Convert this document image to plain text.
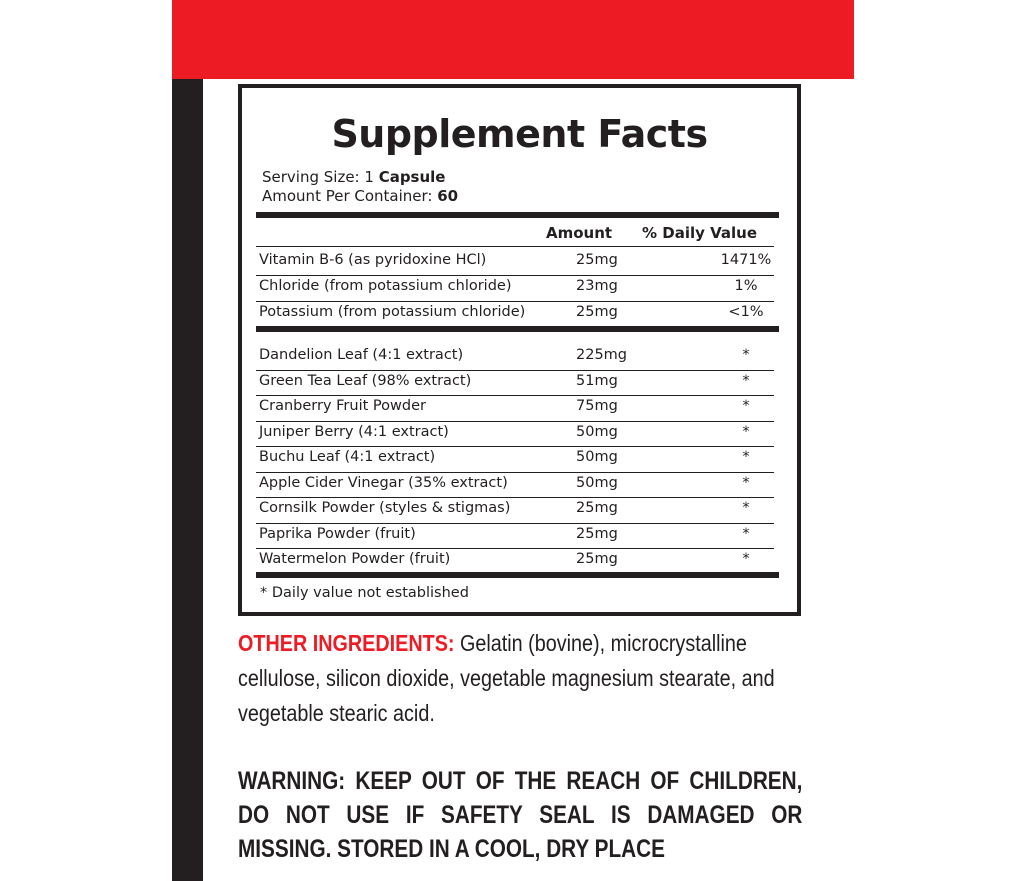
Supplement Facts
Serving Size: 1 Capsule
Amount Per Container: 60
Amount % Daily Value
Vitamin B-6 (as pyridoxine HCl)	25mg	1471%
Chloride (from potassium chloride)	23mg	1%
Potassium (from potassium chloride)	25mg	<1%
Dandelion Leaf (4:1 extract)	225mg	*
Green Tea Leaf (98% extract)	51mg	*
Cranberry Fruit Powder	75mg	*
Juniper Berry (4:1 extract)	50mg	*
Buchu Leaf (4:1 extract)	50mg	*
Apple Cider Vinegar (35% extract)	50mg	*
Cornsilk Powder (styles & stigmas)	25mg	*
Paprika Powder (fruit)	25mg	*
Watermelon Powder (fruit)	25mg	*
* Daily value not established
OTHER INGREDIENTS: Gelatin (bovine), microcrystalline cellulose, silicon dioxide, vegetable magnesium stearate, and vegetable stearic acid.
WARNING: KEEP OUT OF THE REACH OF CHILDREN, DO NOT USE IF SAFETY SEAL IS DAMAGED OR MISSING. STORED IN A COOL, DRY PLACE
